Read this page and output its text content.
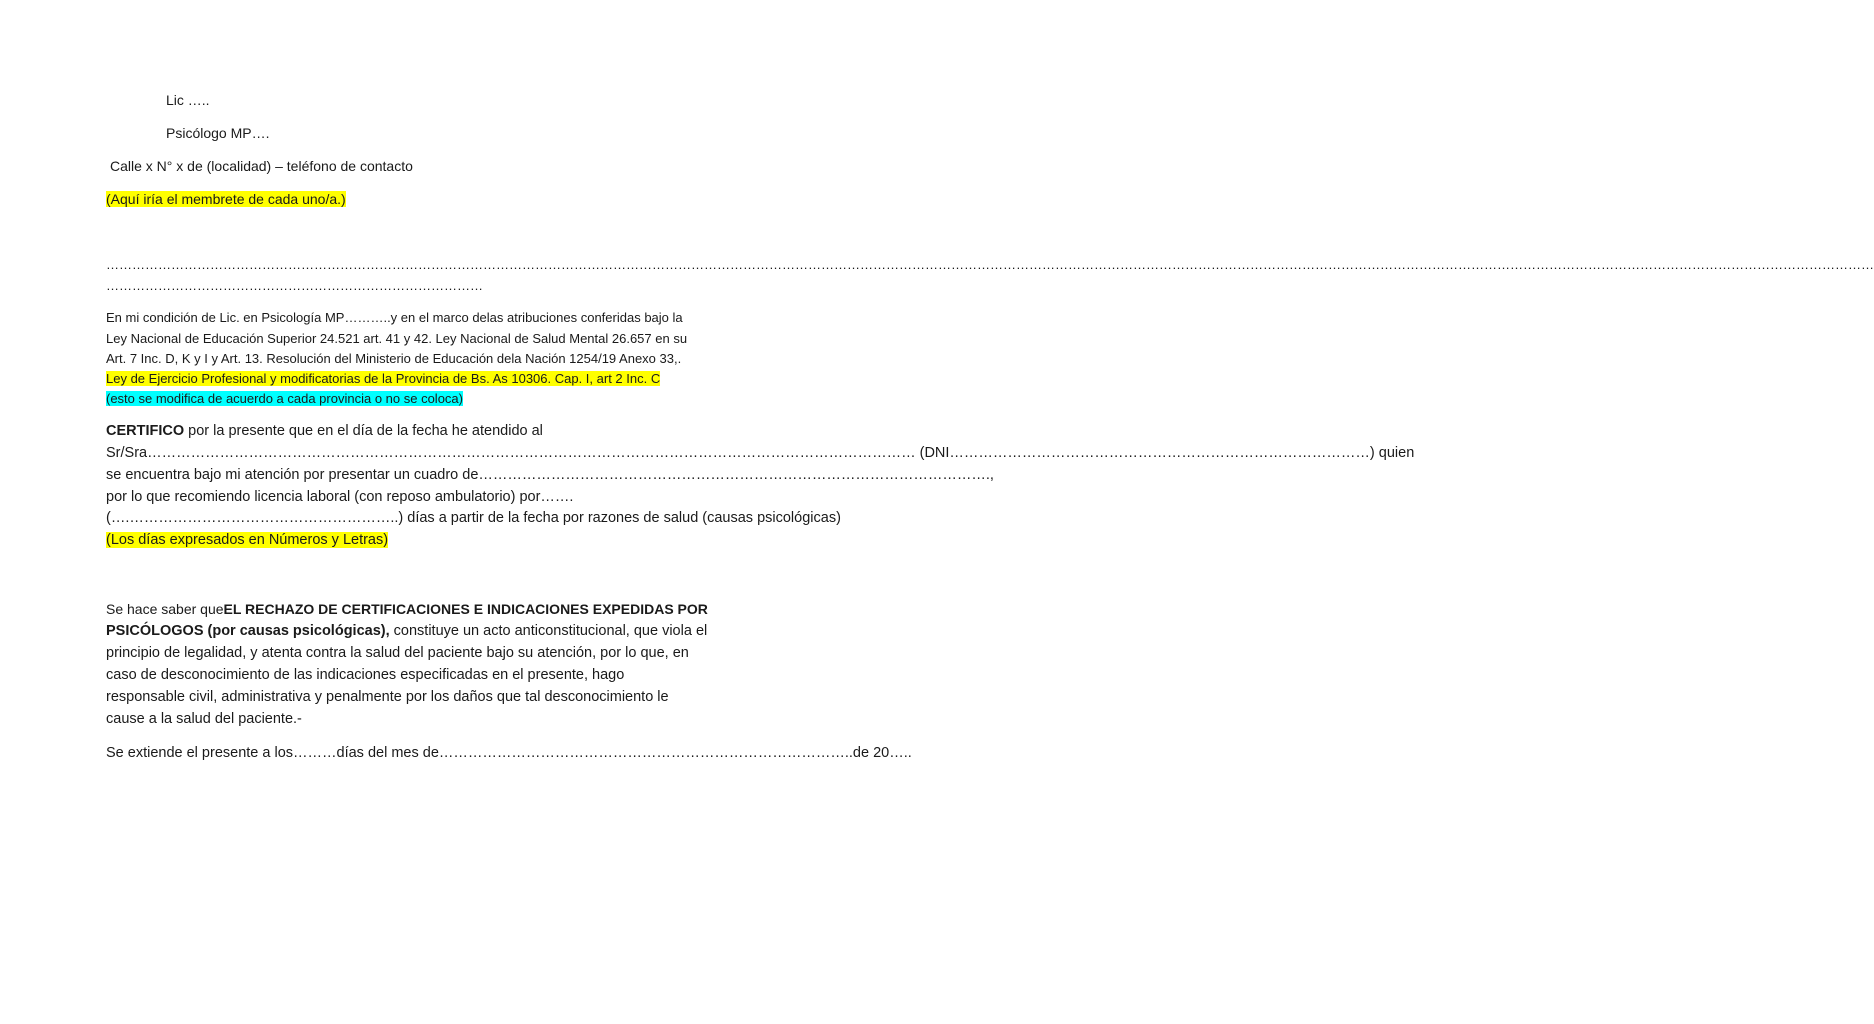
Lic …..
Psicólogo MP….
Calle x N° x de (localidad) – teléfono de contacto
(Aquí iría el membrete de cada uno/a.)
…………………………………………………………………………………………………………………………………………………………………………………………………………………………………………………………………………………………………………………………………………………………………………
……………………………………………………………………………
En mi condición de Lic. en Psicología MP………..y en el marco delas atribuciones conferidas bajo la
Ley Nacional de Educación Superior 24.521 art. 41 y 42. Ley Nacional de Salud Mental 26.657 en su
Art. 7 Inc. D, K y I y Art. 13. Resolución del Ministerio de Educación dela Nación 1254/19 Anexo 33,.
Ley de Ejercicio Profesional y modificatorias de la Provincia de Bs. As 10306. Cap. I, art 2 Inc. C
(esto se modifica de acuerdo a cada provincia o no se coloca)
CERTIFICO por la presente que en el día de la fecha he atendido al
Sr/Sra…………………………………………………………………………………………………………………………………………… (DNI……………………………………………………………………………) quien
se encuentra bajo mi atención por presentar un cuadro de…………………………………………………………………………………………….,
por lo que recomiendo licencia laboral (con reposo ambulatorio) por…….
(….………………………………………………..) días a partir de la fecha por razones de salud (causas psicológicas)
(Los días expresados en Números y Letras)
Se hace saber queEL RECHAZO DE CERTIFICACIONES E INDICACIONES EXPEDIDAS POR
PSICÓLOGOS (por causas psicológicas), constituye un acto anticonstitucional, que viola el
principio de legalidad, y atenta contra la salud del paciente bajo su atención, por lo que, en
caso de desconocimiento de las indicaciones especificadas en el presente, hago
responsable civil, administrativa y penalmente por los daños que tal desconocimiento le
cause a la salud del paciente.-
Se extiende el presente a los………días del mes de…………………………………………………………………………..de 20…..
